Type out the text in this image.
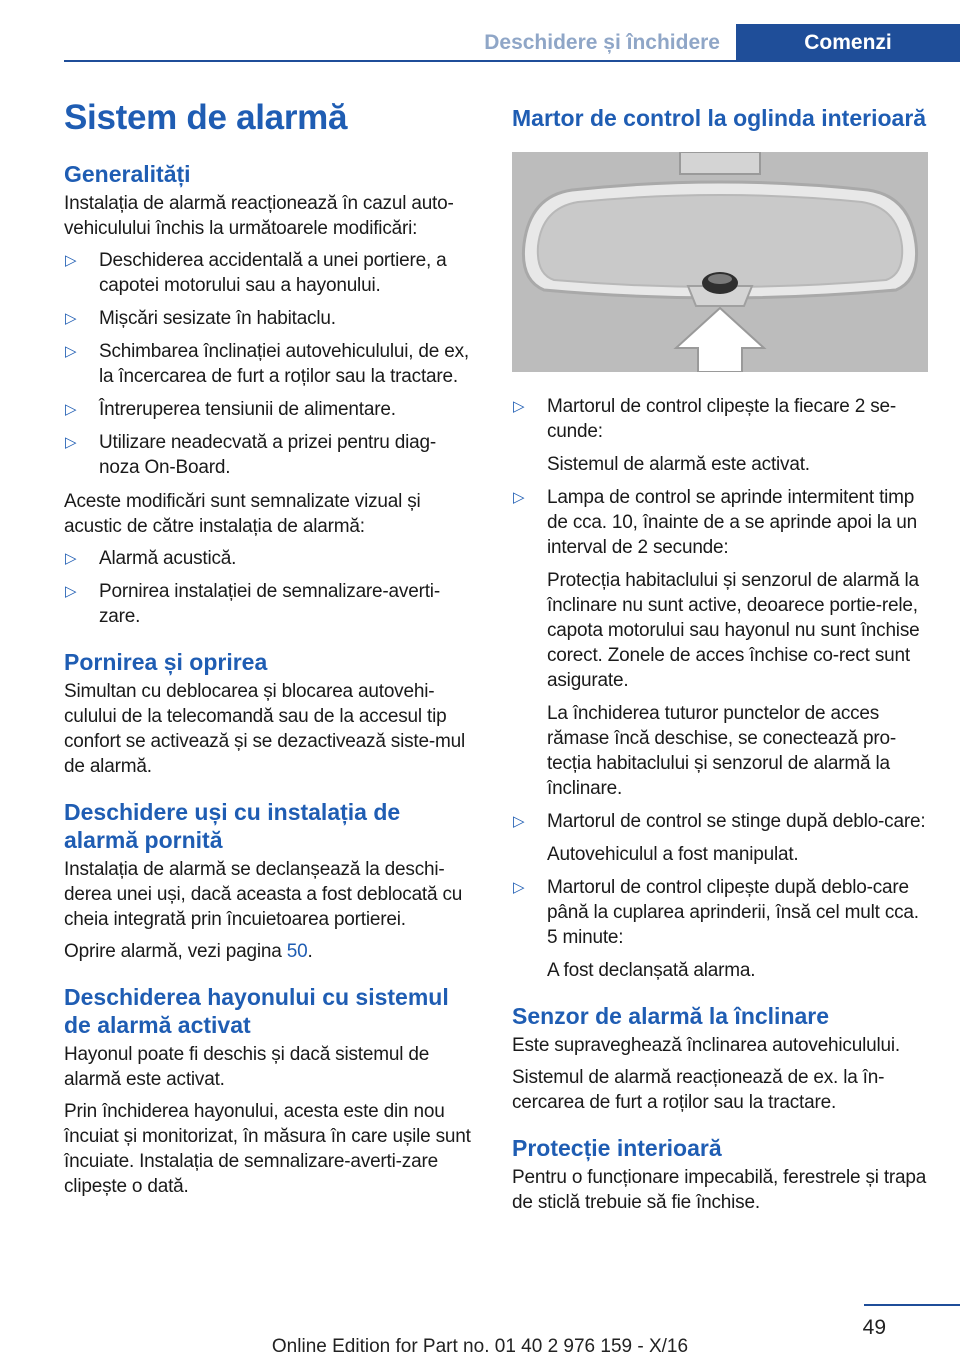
Deschidere și închidere	Comenzi
Sistem de alarmă
Generalități

Instalația de alarmă reacționează în cazul auto-vehiculului închis la următoarele modificări:

▷ Deschiderea accidentală a unei portiere, a capotei motorului sau a hayonului.
▷ Mișcări sesizate în habitaclu.
▷ Schimbarea înclinației autovehiculului, de ex, la încercarea de furt a roților sau la tractare.
▷ Întreruperea tensiunii de alimentare.
▷ Utilizare neadecvată a prizei pentru diag-noza On-Board.

Aceste modificări sunt semnalizate vizual și acustic de către instalația de alarmă:

▷ Alarmă acustică.
▷ Pornirea instalației de semnalizare-averti-zare.
Pornirea și oprirea

Simultan cu deblocarea și blocarea autovehi-culului de la telecomandă sau de la accesul tip confort se activează și se dezactivează siste-mul de alarmă.

Deschidere uși cu instalația de alarmă pornită

Instalația de alarmă se declanșează la deschi-derea unei uși, dacă aceasta a fost deblocată cu cheia integrată prin încuietoarea portierei.

Oprire alarmă, vezi pagina 50.

Deschiderea hayonului cu sistemul de alarmă activat

Hayonul poate fi deschis și dacă sistemul de alarmă este activat.

Prin închiderea hayonului, acesta este din nou încuiat și monitorizat, în măsura în care ușile sunt încuiate. Instalația de semnalizare-averti-zare clipește o dată.

Martor de control la oglinda interioară
▷ Martorul de control clipește la fiecare 2 se-cunde:
Sistemul de alarmă este activat.
▷ Lampa de control se aprinde intermitent timp de cca. 10, înainte de a se aprinde apoi la un interval de 2 secunde:
Protecția habitaclului și senzorul de alarmă la înclinare nu sunt active, deoarece portie-rele, capota motorului sau hayonul nu sunt închise corect. Zonele de acces închise co-rect sunt asigurate.
La închiderea tuturor punctelor de acces rămase încă deschise, se conectează pro-tecția habitaclului și senzorul de alarmă la înclinare.
▷ Martorul de control se stinge după deblo-care:
Autovehiculul a fost manipulat.
▷ Martorul de control clipește după deblo-care până la cuplarea aprinderii, însă cel mult cca. 5 minute:
A fost declanșată alarma.
Senzor de alarmă la înclinare

Este supraveghează înclinarea autovehiculului.

Sistemul de alarmă reacționează de ex. la în-cercarea de furt a roților sau la tractare.

Protecție interioară

Pentru o funcționare impecabilă, ferestrele și trapa de sticlă trebuie să fie închise.

49
Online Edition for Part no. 01 40 2 976 159 - X/16
